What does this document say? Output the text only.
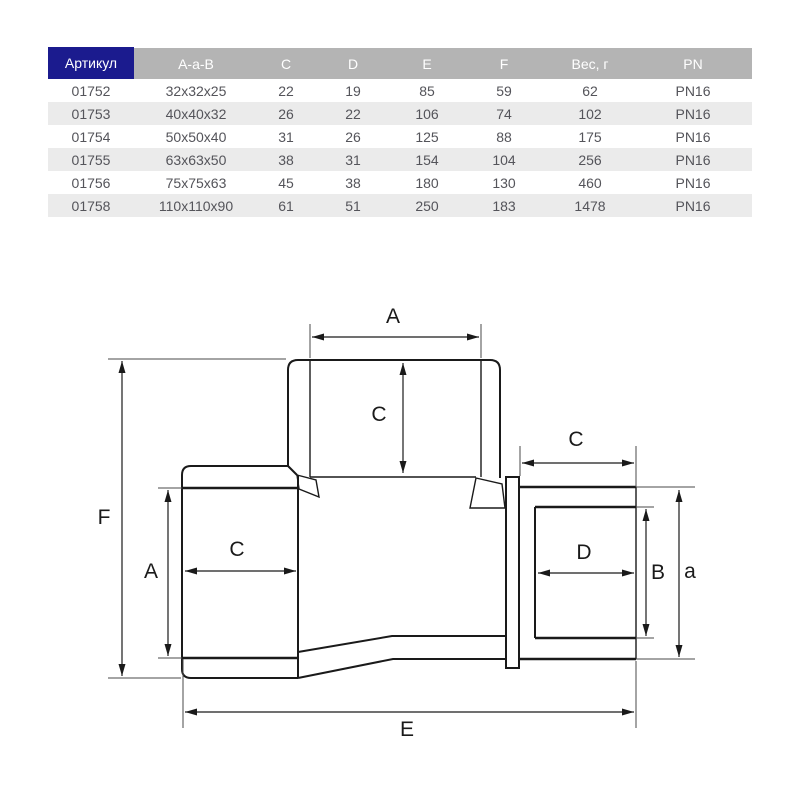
Артикул	A-a-B	C	D	E	F	Вес, г	PN
01752	32x32x25	22	19	85	59	62	PN16
01753	40x40x32	26	22	106	74	102	PN16
01754	50x50x40	31	26	125	88	175	PN16
01755	63x63x50	38	31	154	104	256	PN16
01756	75x75x63	45	38	180	130	460	PN16
01758	110x110x90	61	51	250	183	1478	PN16
A
C
C
F
A
C	D
B a
E
